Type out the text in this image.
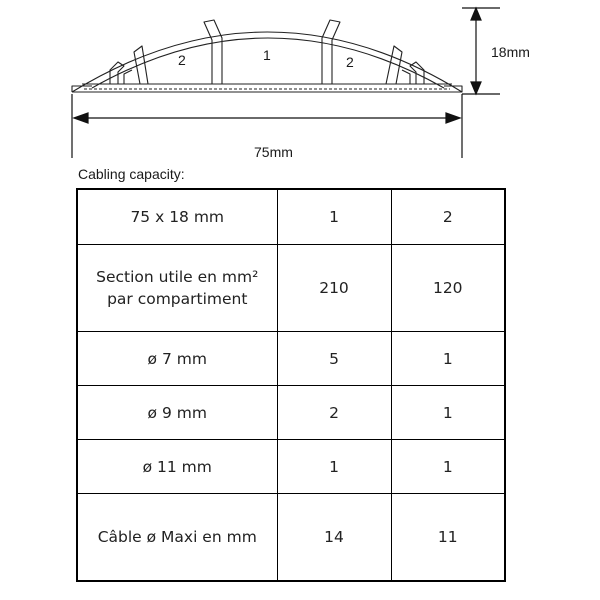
18mm
75mm
2	1	2
Cabling capacity:
75 x 18 mm	1	2
Section utile en mm² par compartiment	210	120
ø 7 mm	5	1
ø 9 mm	2	1
ø 11 mm	1	1
Câble ø Maxi en mm	14	11
